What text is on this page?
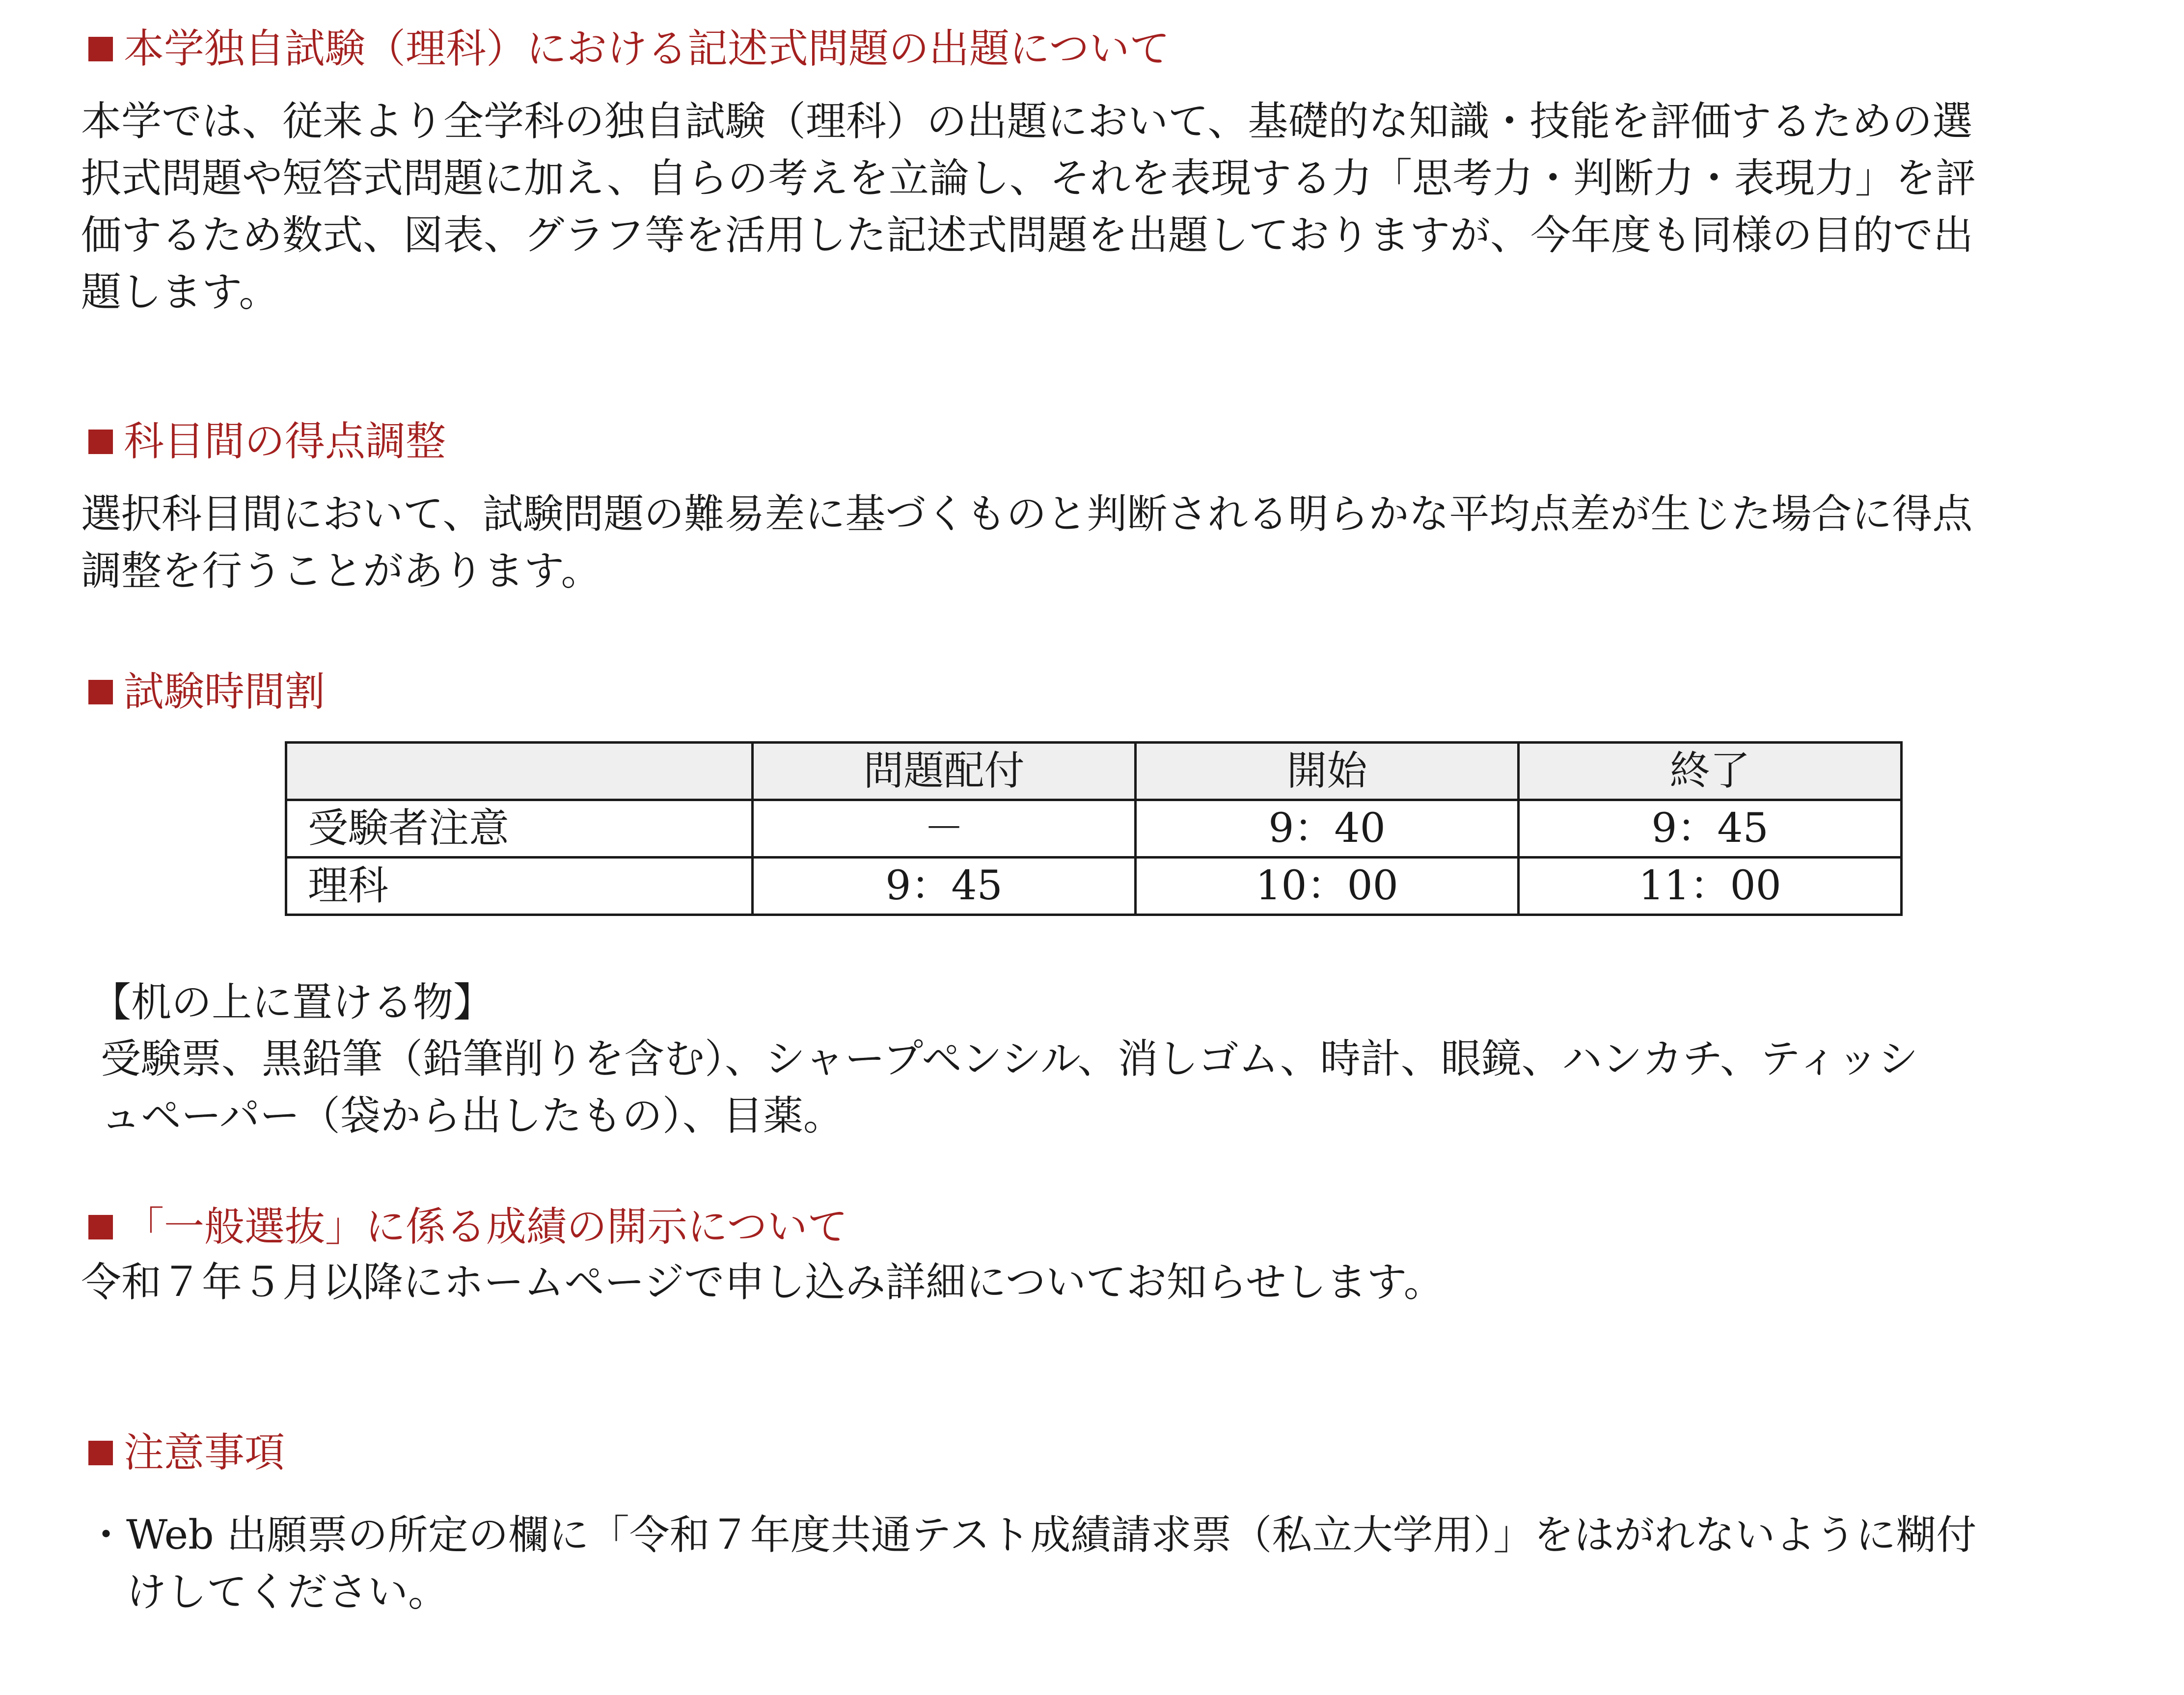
本学独自試験（理科）における記述式問題の出題について

本学では、従来より全学科の独自試験（理科）の出題において、基礎的な知識・技能を評価するための選
択式問題や短答式問題に加え、自らの考えを立論し、それを表現する力「思考力・判断力・表現力」を評
価するため数式、図表、グラフ等を活用した記述式問題を出題しておりますが、今年度も同様の目的で出
題します。

科目間の得点調整

選択科目間において、試験問題の難易差に基づくものと判断される明らかな平均点差が生じた場合に得点
調整を行うことがあります。

試験時間割
	問題配付	開始	終了
受験者注意	－	9：40	9：45
理科	9：45	10：00	11：00

【机の上に置ける物】

受験票、黒鉛筆（鉛筆削りを含む）、シャープペンシル、消しゴム、時計、眼鏡、ハンカチ、ティッシ
ュペーパー（袋から出したもの）、目薬。

「一般選抜」に係る成績の開示について

令和７年５月以降にホームページで申し込み詳細についてお知らせします。

注意事項

・Web 出願票の所定の欄に「令和７年度共通テスト成績請求票（私立大学用）」をはがれないように糊付
　けしてください。
